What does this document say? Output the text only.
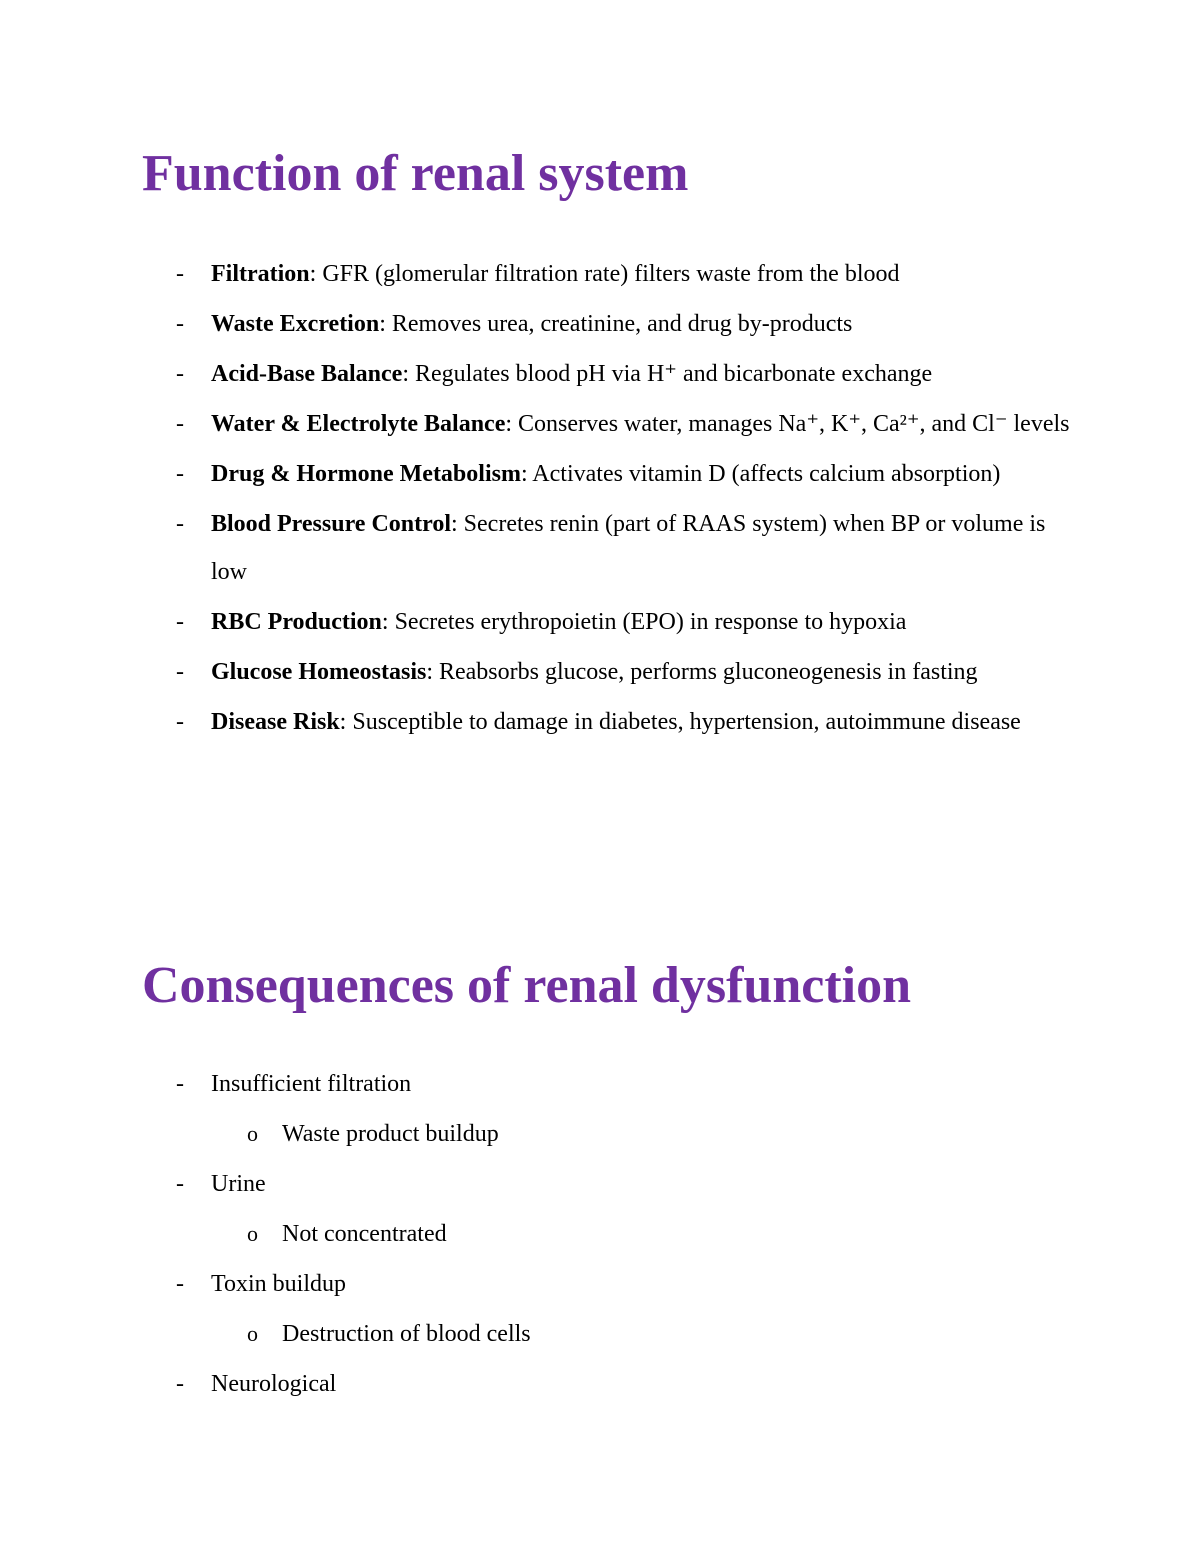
Function of renal system
- Filtration: GFR (glomerular filtration rate) filters waste from the blood
- Waste Excretion: Removes urea, creatinine, and drug by-products
- Acid-Base Balance: Regulates blood pH via H⁺ and bicarbonate exchange
- Water & Electrolyte Balance: Conserves water, manages Na⁺, K⁺, Ca²⁺, and Cl⁻ levels
- Drug & Hormone Metabolism: Activates vitamin D (affects calcium absorption)
- Blood Pressure Control: Secretes renin (part of RAAS system) when BP or volume is low
- RBC Production: Secretes erythropoietin (EPO) in response to hypoxia
- Glucose Homeostasis: Reabsorbs glucose, performs gluconeogenesis in fasting
- Disease Risk: Susceptible to damage in diabetes, hypertension, autoimmune disease
Consequences of renal dysfunction
- Insufficient filtration
o Waste product buildup
- Urine
o Not concentrated
- Toxin buildup
o Destruction of blood cells
- Neurological
